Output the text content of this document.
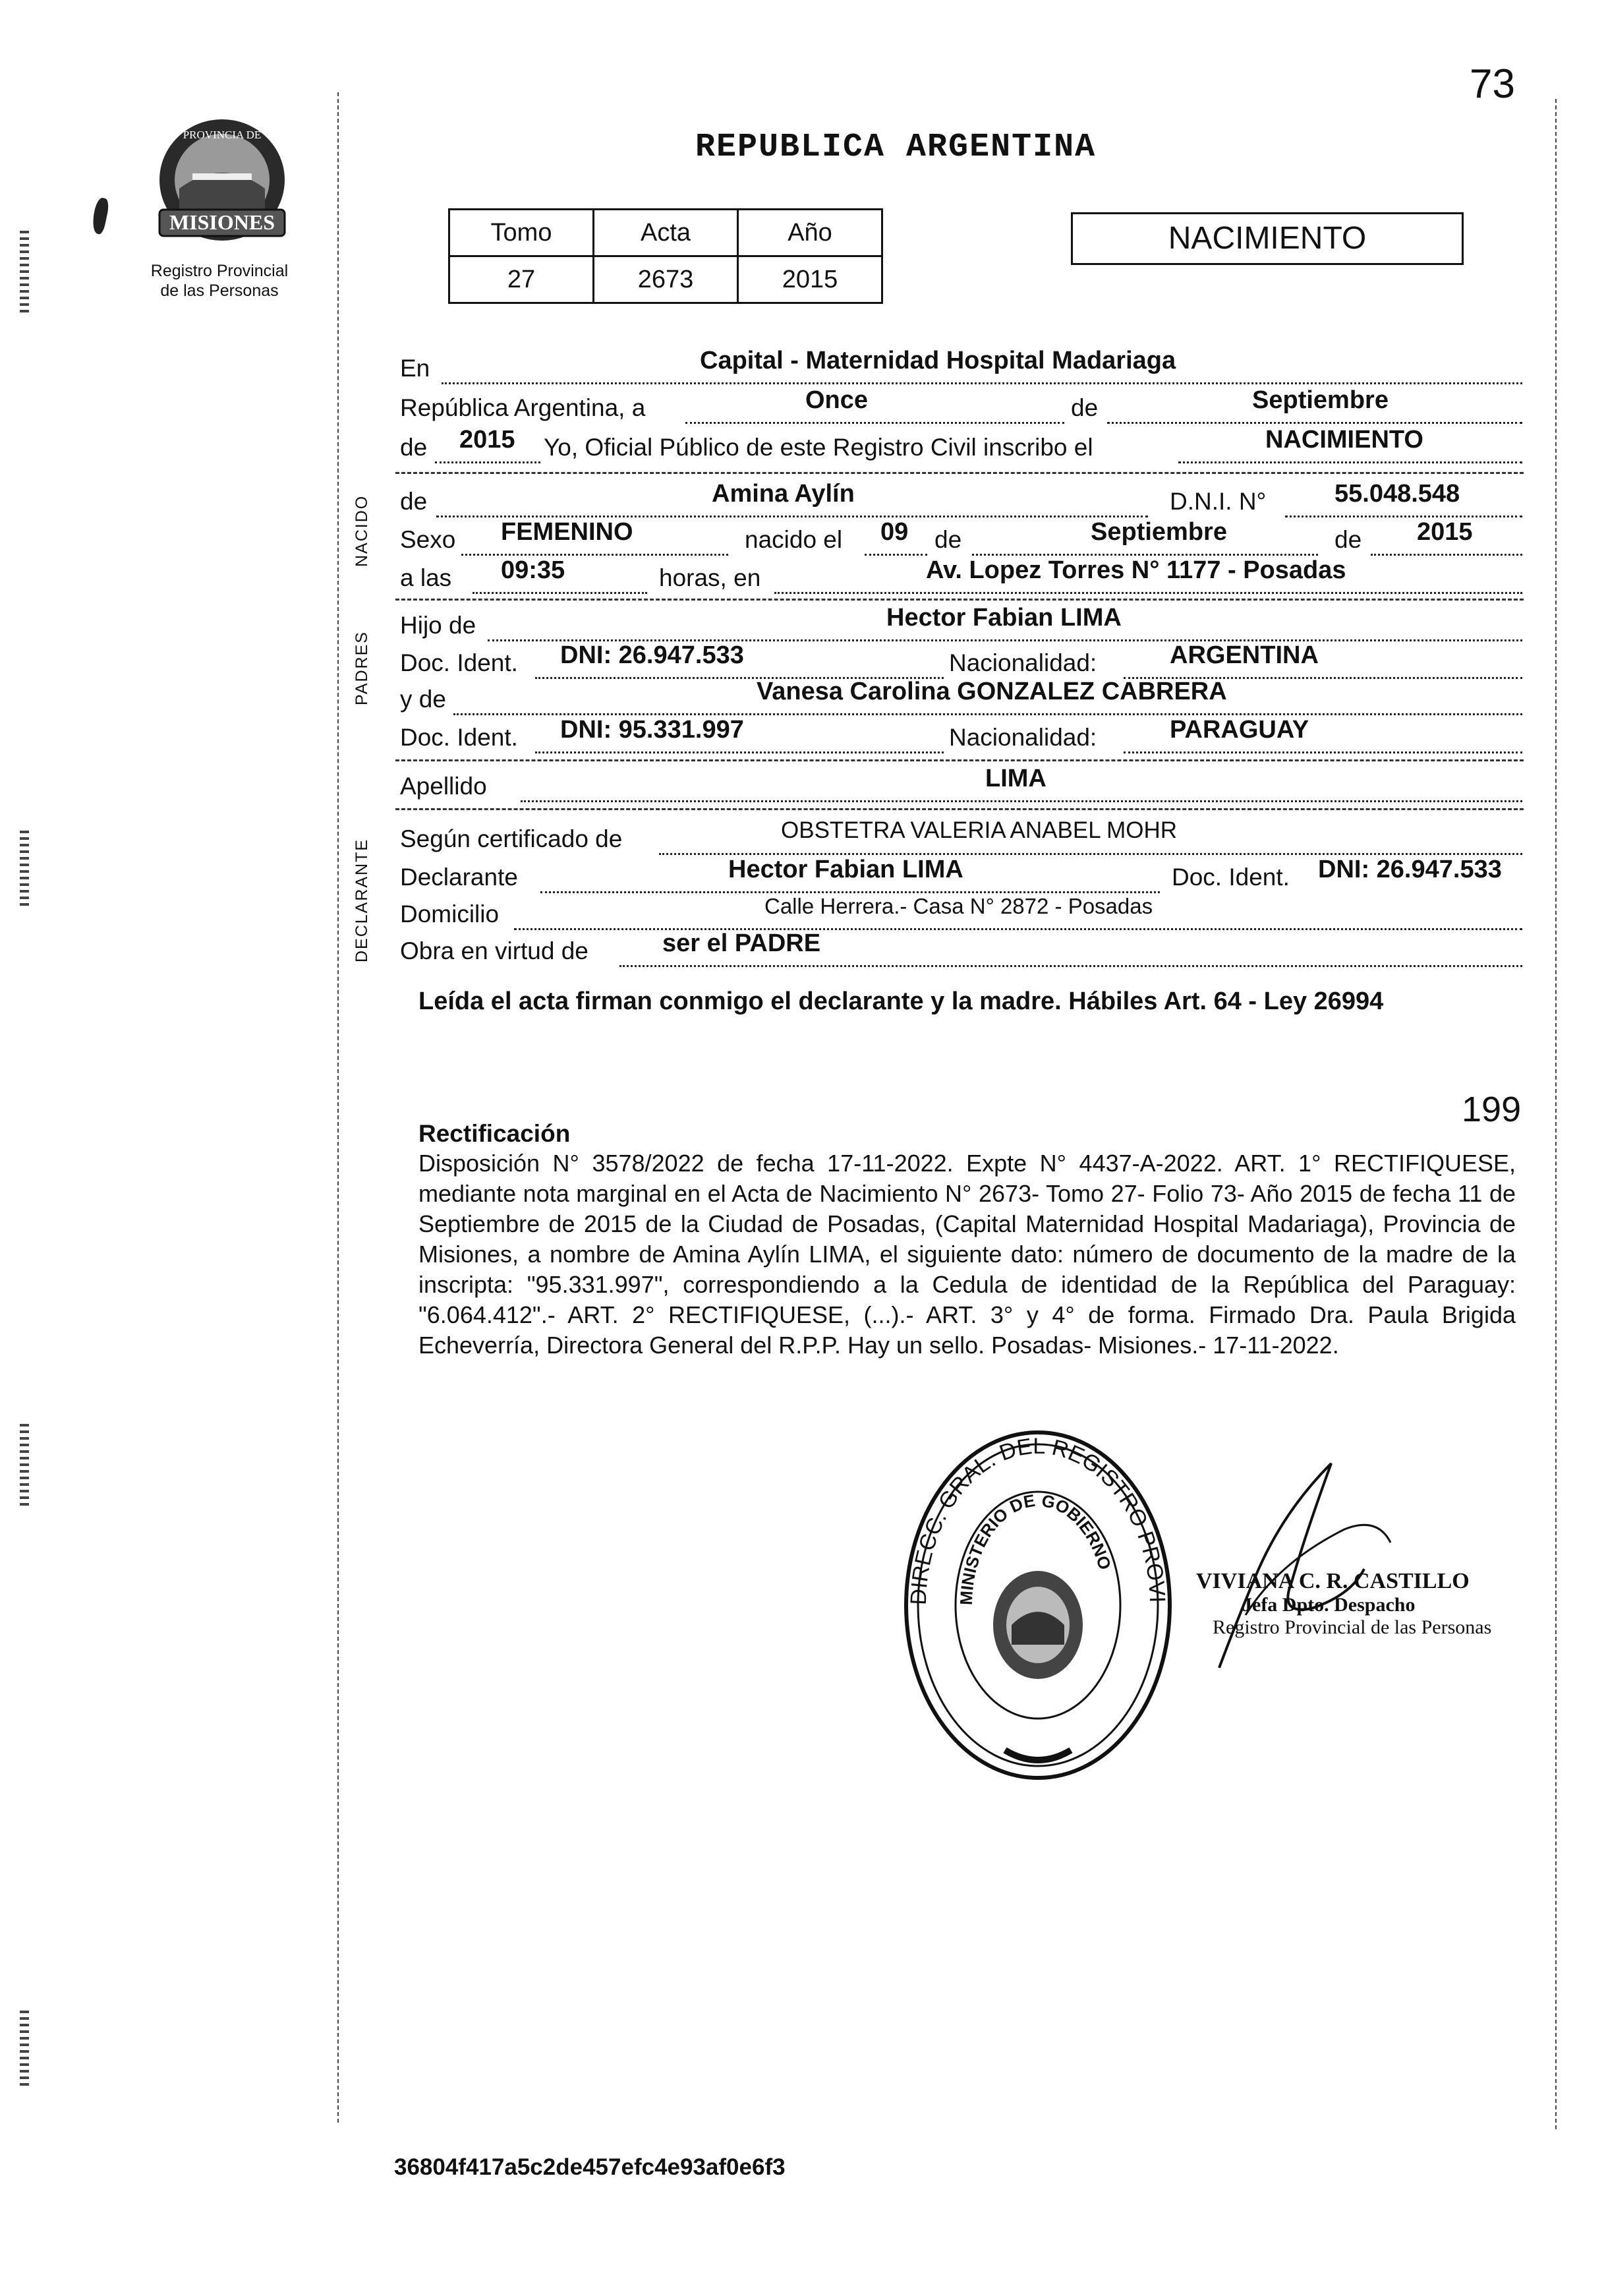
73
MISIONES
PROVINCIA DE
Registro Provincial
de las Personas
REPUBLICA ARGENTINA
Tomo	Acta	Año
27	2673	2015
NACIMIENTO
En	Capital - Maternidad Hospital Madariaga
República Argentina, a	Once	de	Septiembre
de 2015 Yo, Oficial Público de este Registro Civil inscribo el	NACIMIENTO
NACIDO
PADRES
DECLARANTE
de	Amina Aylín	D.N.I. N°	55.048.548
Sexo FEMENINO	nacido el 09 de	Septiembre	de 2015
a las 09:35	horas, en	Av. Lopez Torres N° 1177 - Posadas
Hijo de	Hector Fabian LIMA
Doc. Ident. DNI: 26.947.533	Nacionalidad:	ARGENTINA
y de	Vanesa Carolina GONZALEZ CABRERA
Doc. Ident. DNI: 95.331.997	Nacionalidad:	PARAGUAY
Apellido	LIMA
Según certificado de	OBSTETRA VALERIA ANABEL MOHR
Declarante	Hector Fabian LIMA	Doc. Ident. DNI: 26.947.533
Domicilio	Calle Herrera.- Casa N° 2872 - Posadas
Obra en virtud de	ser el PADRE
Leída el acta firman conmigo el declarante y la madre. Hábiles Art. 64 - Ley 26994
199
Rectificación
Disposición N° 3578/2022 de fecha 17-11-2022. Expte N° 4437-A-2022. ART. 1° RECTIFIQUESE, mediante nota marginal en el Acta de Nacimiento N° 2673- Tomo 27- Folio 73- Año 2015 de fecha 11 de Septiembre de 2015 de la Ciudad de Posadas, (Capital Maternidad Hospital Madariaga), Provincia de Misiones, a nombre de Amina Aylín LIMA, el siguiente dato: número de documento de la madre de la inscripta: "95.331.997", correspondiendo a la Cedula de identidad de la República del Paraguay: "6.064.412".- ART. 2° RECTIFIQUESE, (...).- ART. 3° y 4° de forma. Firmado Dra. Paula Brigida Echeverría, Directora General del R.P.P. Hay un sello. Posadas- Misiones.- 17-11-2022.
DIRECC. GRAL. DEL REGISTRO PROVI
MINISTERIO DE GOBIERNO
VIVIANA C. R. CASTILLO
Jefa Dpto. Despacho
Registro Provincial de las Personas
36804f417a5c2de457efc4e93af0e6f3
